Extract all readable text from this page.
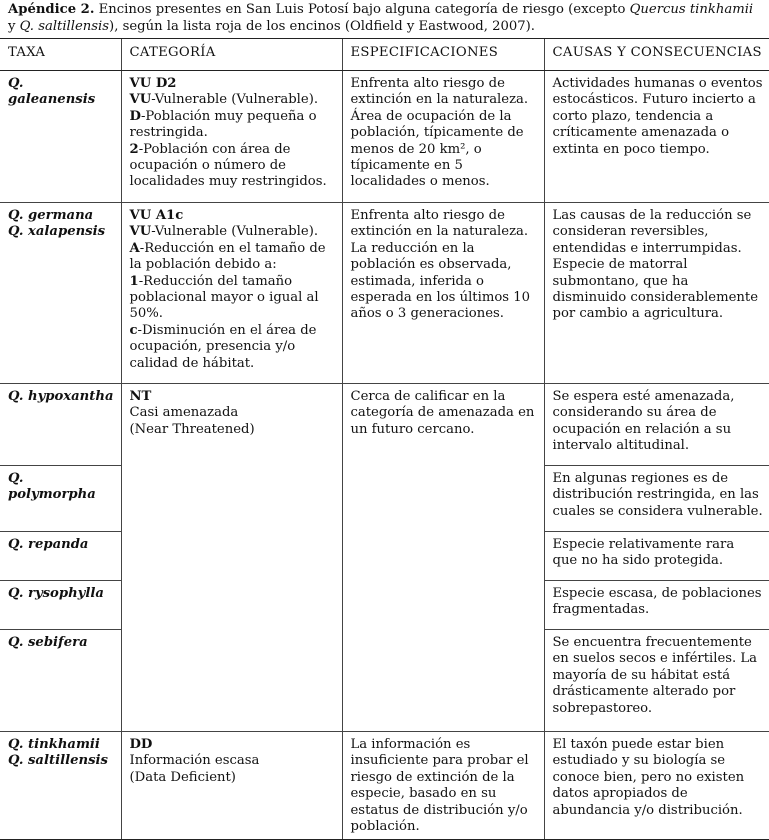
Apéndice 2. Encinos presentes en San Luis Potosí bajo alguna categoría de riesgo (excepto Quercus tinkhamii y Q. saltillensis), según la lista roja de los encinos (Oldfield y Eastwood, 2007).
TAXA	CATEGORÍA	ESPECIFICACIONES	CAUSAS Y CONSECUENCIAS

Q. galeanensis	VU D2
VU-Vulnerable (Vulnerable).
D-Población muy pequeña o restringida.
2-Población con área de ocupación o número de localidades muy restringidos.	Enfrenta alto riesgo de extinción en la naturaleza. Área de ocupación de la población, típicamente de menos de 20 km², o típicamente en 5 localidades o menos.	Actividades humanas o eventos estocásticos. Futuro incierto a corto plazo, tendencia a críticamente amenazada o extinta en poco tiempo.

Q. germana
Q. xalapensis	VU A1c
VU-Vulnerable (Vulnerable).
A-Reducción en el tamaño de la población debido a:
1-Reducción del tamaño poblacional mayor o igual al 50%.
c-Disminución en el área de ocupación, presencia y/o calidad de hábitat.	Enfrenta alto riesgo de extinción en la naturaleza. La reducción en la población es observada, estimada, inferida o esperada en los últimos 10 años o 3 generaciones.	Las causas de la reducción se consideran reversibles, entendidas e interrumpidas. Especie de matorral submontano, que ha disminuido considerablemente por cambio a agricultura.
Q. hypoxantha	NT
Casi amenazada
(Near Threatened)	Cerca de calificar en la categoría de amenazada en un futuro cercano.	Se espera esté amenazada, considerando su área de ocupación en relación a su intervalo altitudinal.
Q. polymorpha			En algunas regiones es de distribución restringida, en las cuales se considera vulnerable.
Q. repanda			Especie relativamente rara que no ha sido protegida.
Q. rysophylla			Especie escasa, de poblaciones fragmentadas.
Q. sebifera			Se encuentra frecuentemente en suelos secos e infértiles. La mayoría de su hábitat está drásticamente alterado por sobrepastoreo.

Q. tinkhamii
Q. saltillensis	DD
Información escasa
(Data Deficient)	La información es insuficiente para probar el riesgo de extinción de la especie, basado en su estatus de distribución y/o población.	El taxón puede estar bien estudiado y su biología se conoce bien, pero no existen datos apropiados de abundancia y/o distribución.
